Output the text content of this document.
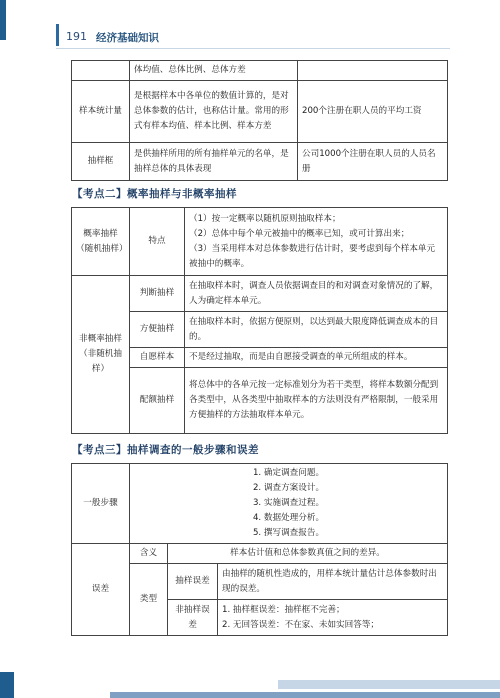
191 经济基础知识
	体均值、总体比例、总体方差	
样本统计量	是根据样本中各单位的数值计算的，是对总体参数的估计，也称估计量。常用的形式有样本均值、样本比例、样本方差	200个注册在职人员的平均工资
抽样框	是供抽样所用的所有抽样单元的名单，是抽样总体的具体表现	公司1000个注册在职人员的人员名册
【考点二】概率抽样与非概率抽样
概率抽样
（随机抽样）	特点	（1）按一定概率以随机原则抽取样本；
（2）总体中每个单元被抽中的概率已知，或可计算出来；
（3）当采用样本对总体参数进行估计时，要考虑到每个样本单元被抽中的概率。

非概率抽样
（非随机抽样）	判断抽样	在抽取样本时，调查人员依据调查目的和对调查对象情况的了解，人为确定样本单元。
	方便抽样	在抽取样本时，依据方便原则，以达到最大限度降低调查成本的目的。
	自愿样本	不是经过抽取，而是由自愿接受调查的单元所组成的样本。
	配额抽样	将总体中的各单元按一定标准划分为若干类型，将样本数额分配到各类型中，从各类型中抽取样本的方法则没有严格限制，一般采用方便抽样的方法抽取样本单元。
【考点三】抽样调查的一般步骤和误差
一般步骤	1. 确定调查问题。
2. 调查方案设计。
3. 实施调查过程。
4. 数据处理分析。
5. 撰写调查报告。		

误差	含义	样本估计值和总体参数真值之间的差异。	
	类型	抽样误差	由抽样的随机性造成的，用样本统计量估计总体参数时出现的误差。
		非抽样误差	1. 抽样框误差：抽样框不完善；
2. 无回答误差：不在家、未如实回答等；
